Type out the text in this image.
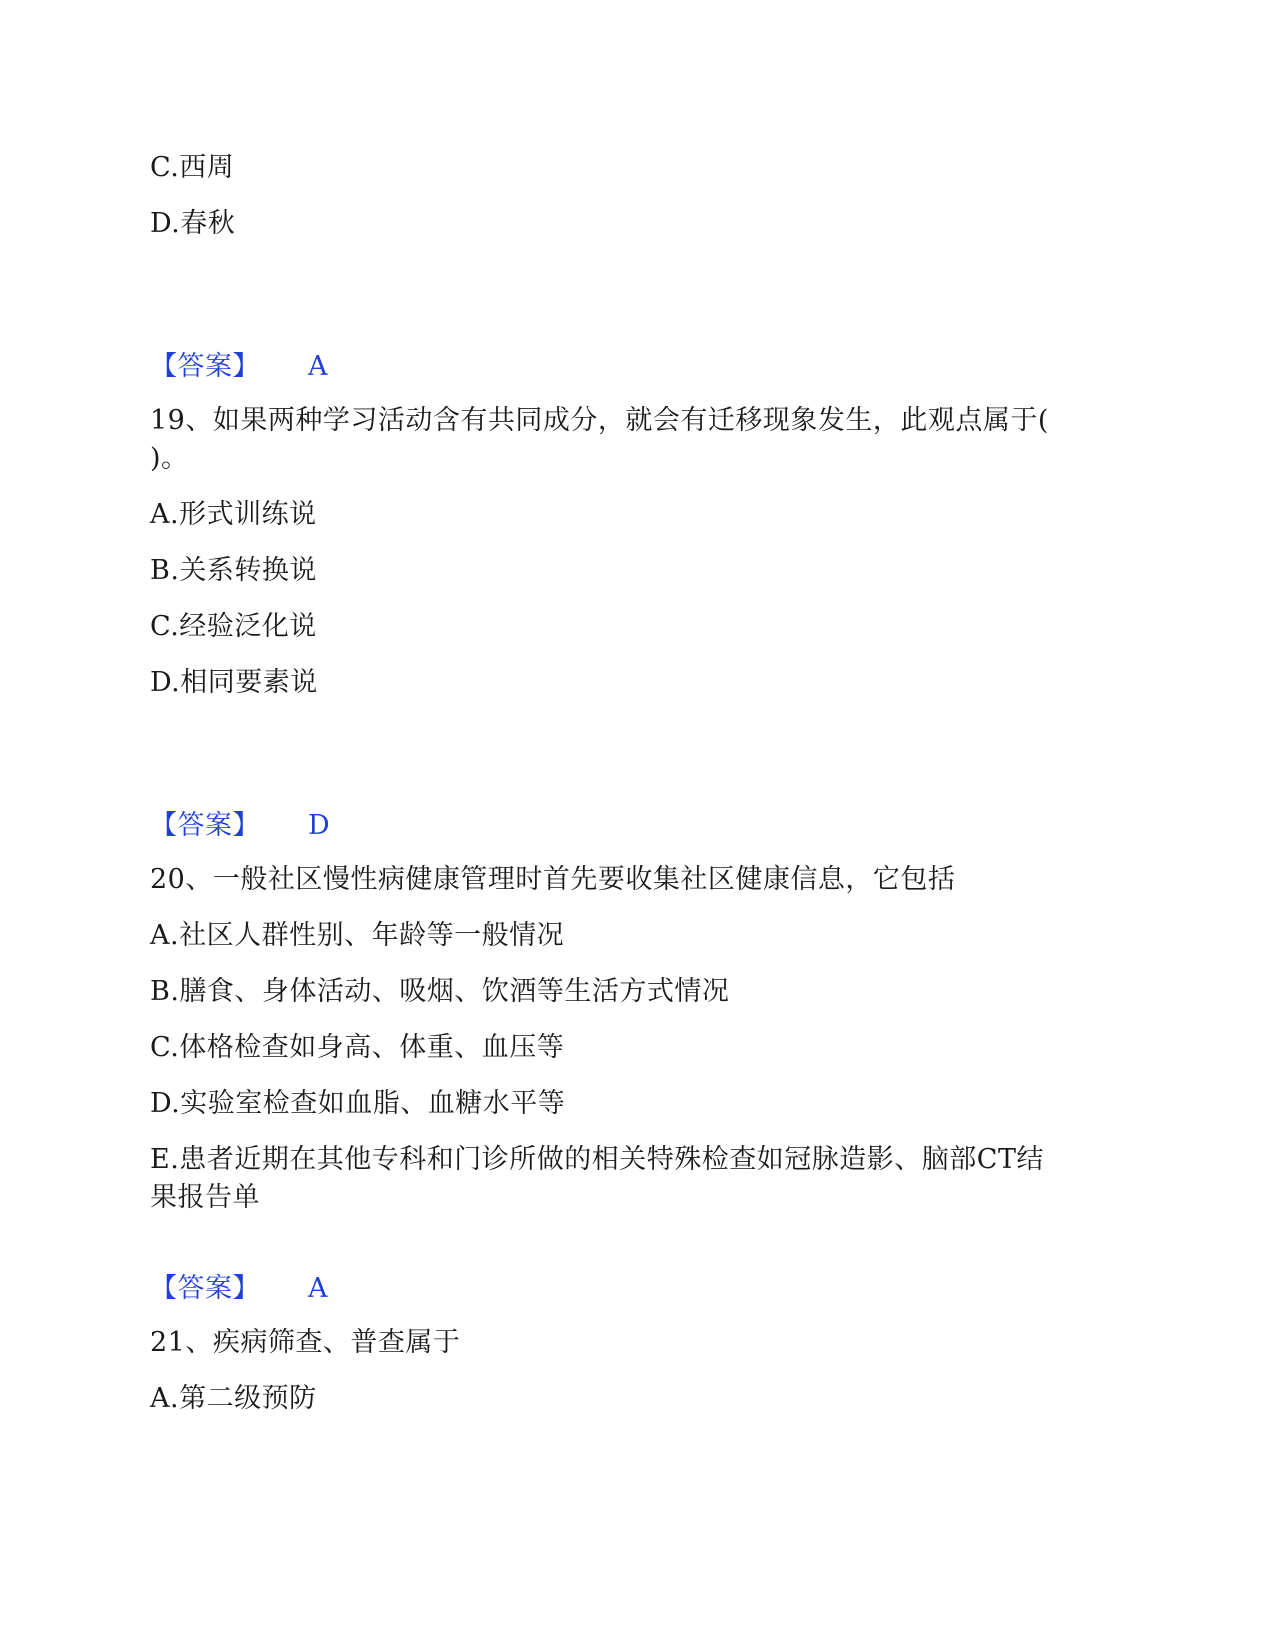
C.西周
D.春秋
【答案】 A
19、如果两种学习活动含有共同成分，就会有迁移现象发生，此观点属于(
)。
A.形式训练说
B.关系转换说
C.经验泛化说
D.相同要素说
【答案】 D
20、一般社区慢性病健康管理时首先要收集社区健康信息，它包括
A.社区人群性别、年龄等一般情况
B.膳食、身体活动、吸烟、饮酒等生活方式情况
C.体格检查如身高、体重、血压等
D.实验室检查如血脂、血糖水平等
E.患者近期在其他专科和门诊所做的相关特殊检查如冠脉造影、脑部CT结
果报告单
【答案】 A
21、疾病筛查、普查属于
A.第二级预防
